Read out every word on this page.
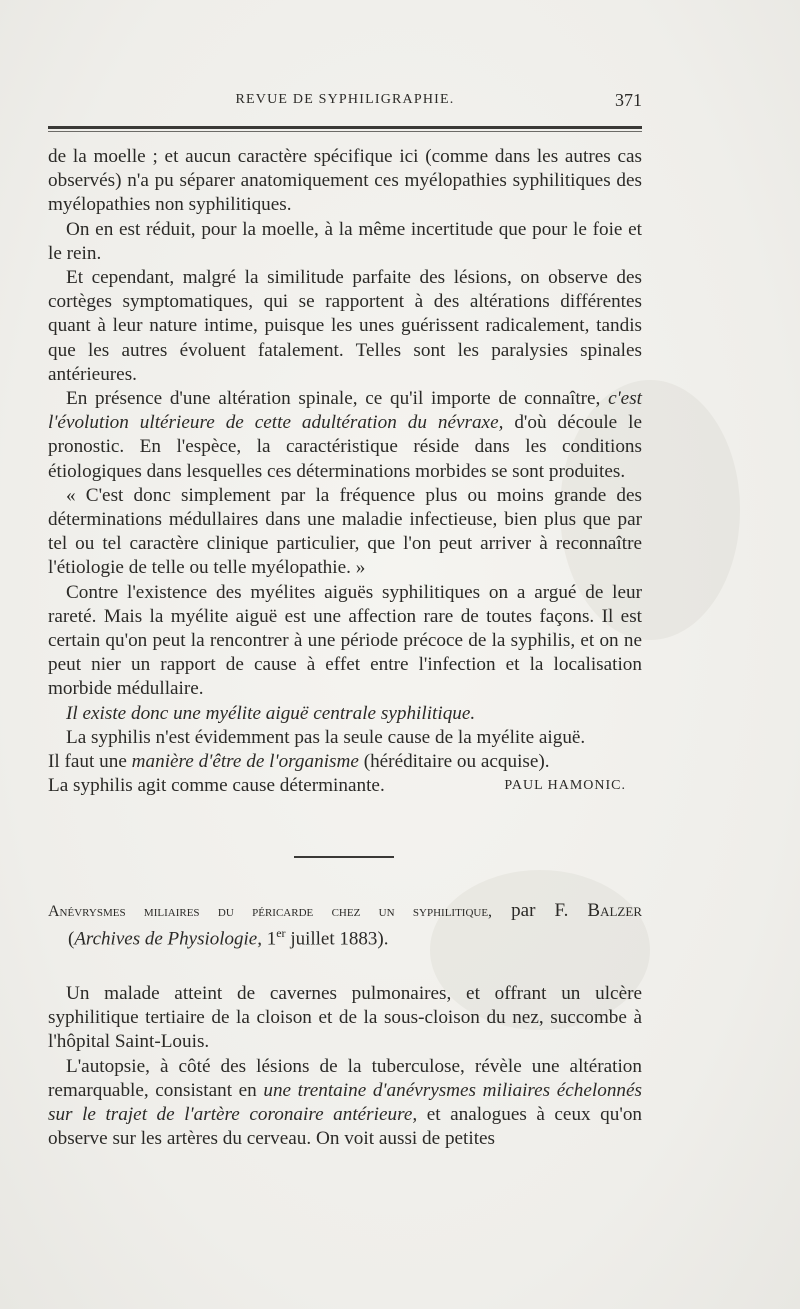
REVUE DE SYPHILIGRAPHIE.	371

de la moelle ; et aucun caractère spécifique ici (comme dans les autres cas observés) n'a pu séparer anatomiquement ces myélopathies syphilitiques des myélopathies non syphilitiques.

On en est réduit, pour la moelle, à la même incertitude que pour le foie et le rein.

Et cependant, malgré la similitude parfaite des lésions, on observe des cortèges symptomatiques, qui se rapportent à des altérations différentes quant à leur nature intime, puisque les unes guérissent radicalement, tandis que les autres évoluent fatalement. Telles sont les paralysies spinales antérieures.

En présence d'une altération spinale, ce qu'il importe de connaître, c'est l'évolution ultérieure de cette adultération du névraxe, d'où découle le pronostic. En l'espèce, la caractéristique réside dans les conditions étiologiques dans lesquelles ces déterminations morbides se sont produites.

« C'est donc simplement par la fréquence plus ou moins grande des déterminations médullaires dans une maladie infectieuse, bien plus que par tel ou tel caractère clinique particulier, que l'on peut arriver à reconnaître l'étiologie de telle ou telle myélopathie. »

Contre l'existence des myélites aiguës syphilitiques on a argué de leur rareté. Mais la myélite aiguë est une affection rare de toutes façons. Il est certain qu'on peut la rencontrer à une période précoce de la syphilis, et on ne peut nier un rapport de cause à effet entre l'infection et la localisation morbide médullaire.

Il existe donc une myélite aiguë centrale syphilitique.

La syphilis n'est évidemment pas la seule cause de la myélite aiguë.

Il faut une manière d'être de l'organisme (héréditaire ou acquise).

La syphilis agit comme cause déterminante.	PAUL HAMONIC.

Anévrysmes miliaires du péricarde chez un syphilitique, par F. Balzer
(Archives de Physiologie, 1er juillet 1883).

Un malade atteint de cavernes pulmonaires, et offrant un ulcère syphilitique tertiaire de la cloison et de la sous-cloison du nez, succombe à l'hôpital Saint-Louis.

L'autopsie, à côté des lésions de la tuberculose, révèle une altération remarquable, consistant en une trentaine d'anévrysmes miliaires échelonnés sur le trajet de l'artère coronaire antérieure, et analogues à ceux qu'on observe sur les artères du cerveau. On voit aussi de petites
